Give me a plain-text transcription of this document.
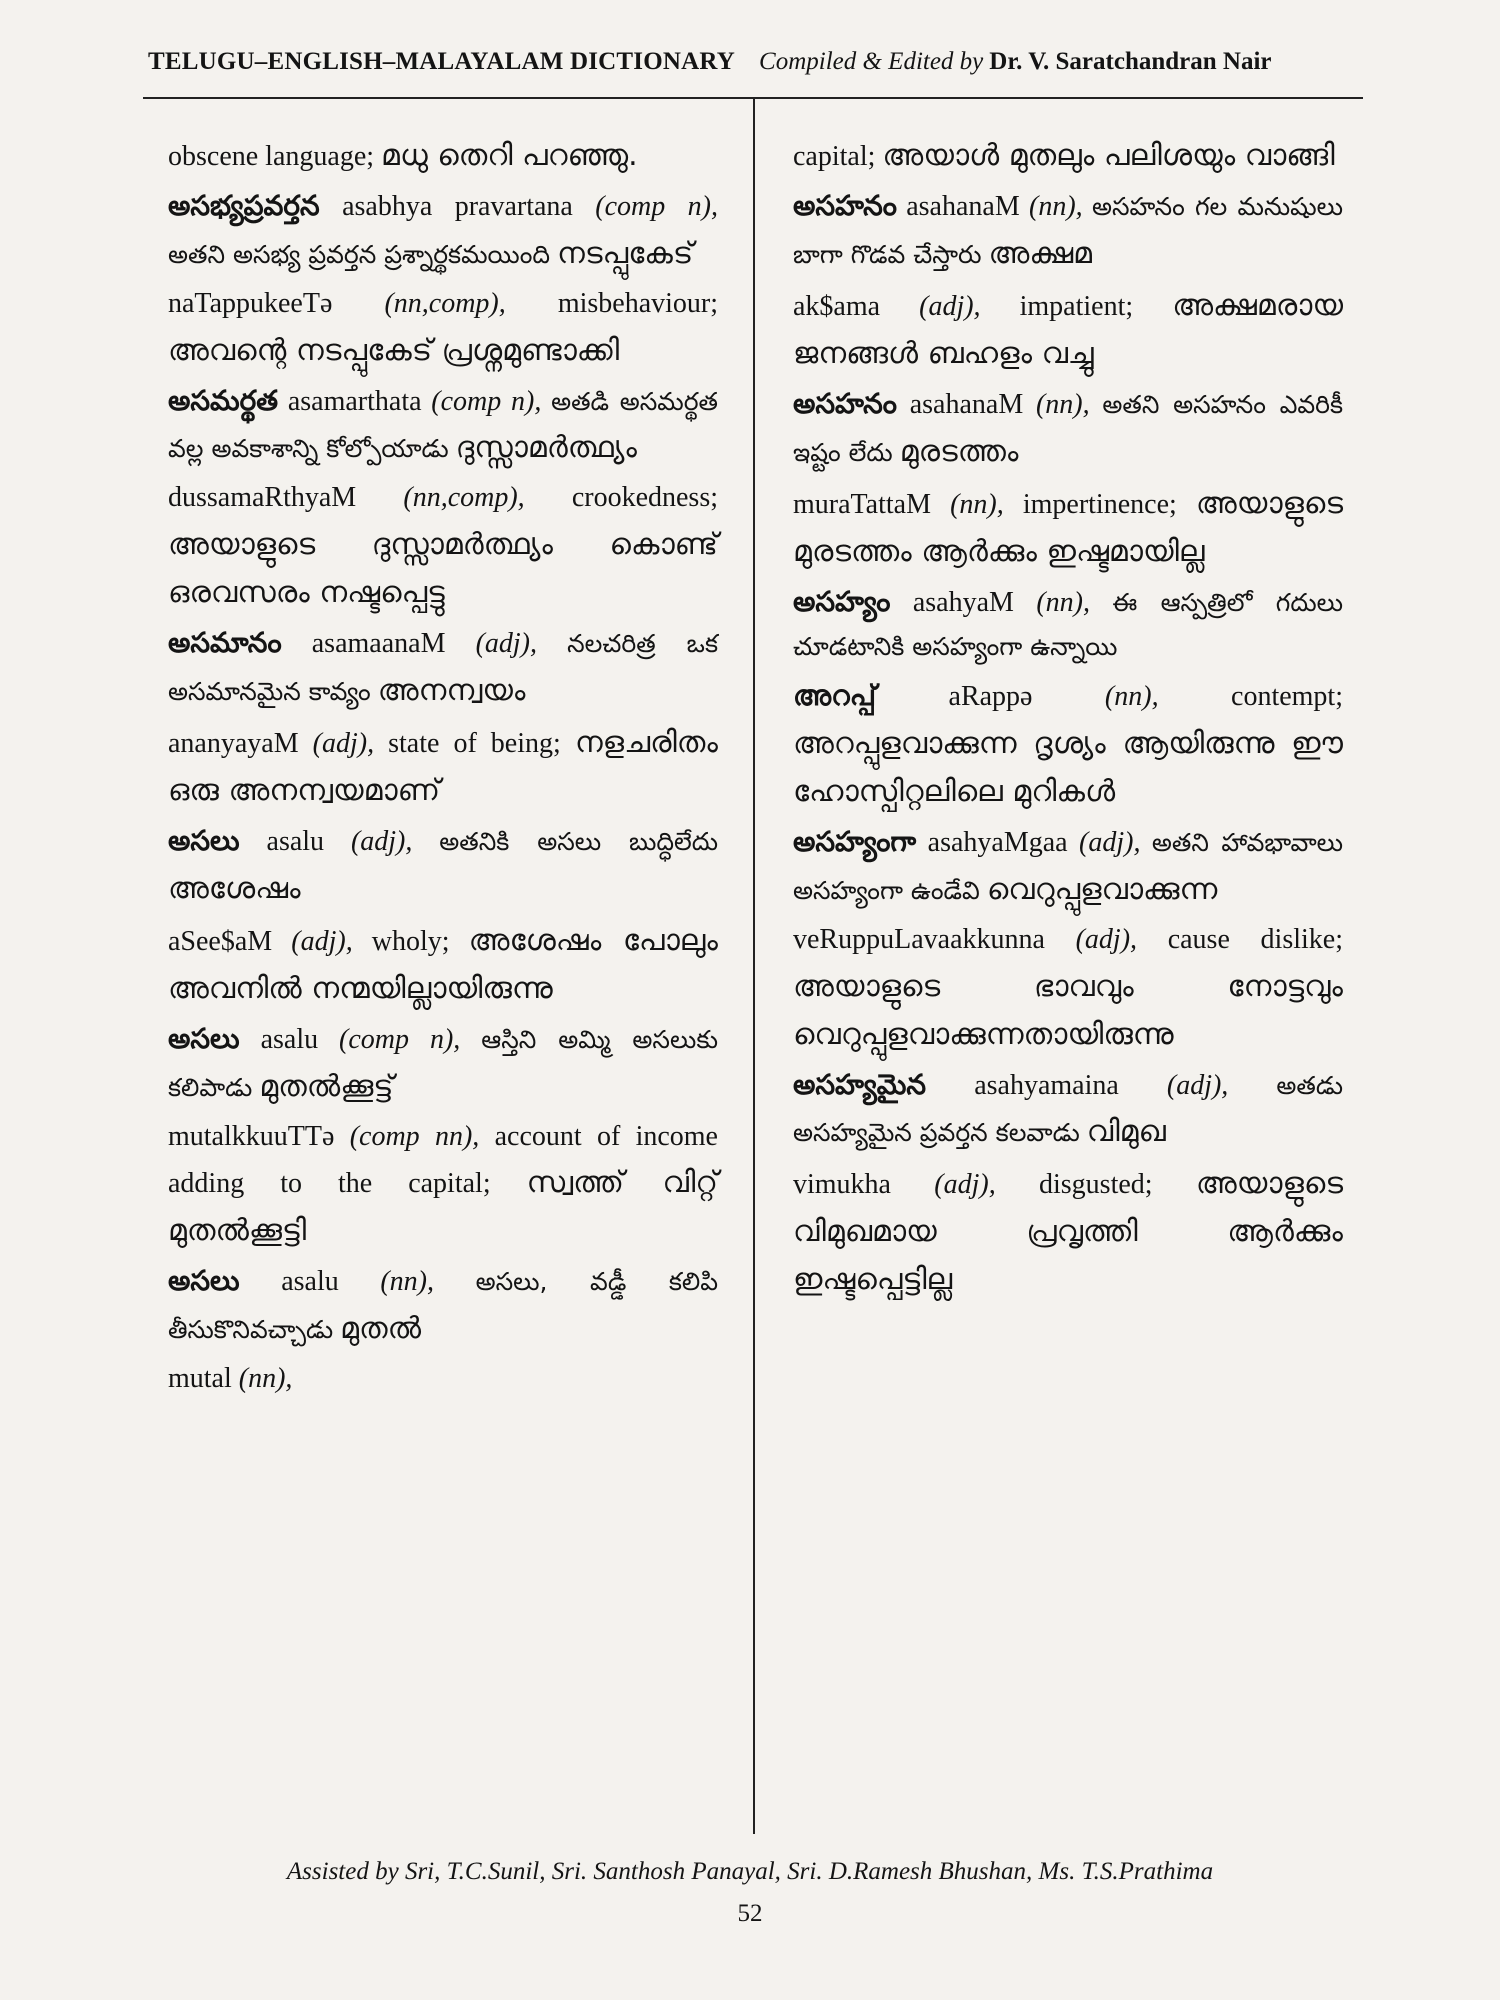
TELUGU–ENGLISH–MALAYALAM DICTIONARY Compiled & Edited by Dr. V. Saratchandran Nair

obscene language; മധു തെറി പറഞ്ഞു.

అసభ్యప్రవర్తన asabhya pravartana (comp n), అతని అసభ్య ప్రవర్తన ప్రశ్నార్థకమయింది നടപ്പുകേട്

naTappukeeTə (nn,comp), misbehaviour; അവന്റെ നടപ്പുകേട് പ്രശ്നമുണ്ടാക്കി

అసమర్థత asamarthata (comp n), అతడి అసమర్థత వల్ల అవకాశాన్ని కోల్పోయాడు ദുസ്സാമർത്ഥ്യം

dussamaRthyaM (nn,comp), crookedness; അയാളുടെ ദുസ്സാമർത്ഥ്യം കൊണ്ട് ഒരവസരം നഷ്ടപ്പെട്ടു

అసమానం asamaanaM (adj), నలచరిత్ర ఒక అసమానమైన కావ్యం അനന്വയം

ananyayaM (adj), state of being; നളചരിതം ഒരു അനന്വയമാണ്

అసలు asalu (adj), అతనికి అసలు బుద్ధిలేదు അശേഷം

aSee$aM (adj), wholy; അശേഷം പോലും അവനിൽ നന്മയില്ലായിരുന്നു

అసలు asalu (comp n), ఆస్తిని అమ్మి అసలుకు కలిపాడు മുതൽക്കൂട്ട്

mutalkkuuTTə (comp nn), account of income adding to the capital; സ്വത്ത് വിറ്റ് മുതൽക്കൂട്ടി

అసలు asalu (nn), అసలు, వడ్డీ కలిపి తీసుకొనివచ్చాడు മുതൽ

mutal (nn),

capital; അയാൾ മുതലും പലിശയും വാങ്ങി

అసహనం asahanaM (nn), అసహనం గల మనుషులు బాగా గొడవ చేస్తారు അക്ഷമ

ak$ama (adj), impatient; അക്ഷമരായ ജനങ്ങൾ ബഹളം വച്ചു

అసహనం asahanaM (nn), అతని అసహనం ఎవరికీ ఇష్టం లేదు മുരടത്തം

muraTattaM (nn), impertinence; അയാളുടെ മുരടത്തം ആർക്കും ഇഷ്ടമായില്ല

అసహ్యం asahyaM (nn), ఈ ఆస్పత్రిలో గదులు చూడటానికి అసహ్యంగా ఉన్నాయి

അറപ്പ്	aRappə	(nn),	contempt; അറപ്പുളവാക്കുന്ന ദൃശ്യം ആയിരുന്നു ഈ ഹോസ്പിറ്റലിലെ മുറികൾ

అసహ్యంగా asahyaMgaa (adj), అతని హావభావాలు అసహ్యంగా ఉండేవి വെറുപ്പുളവാക്കുന്ന

veRuppuLavaakkunna (adj), cause dislike; അയാളുടെ ഭാവവും നോട്ടവും വെറുപ്പുളവാക്കുന്നതായിരുന്നു

అసహ్యమైన asahyamaina (adj), అతడు అసహ్యమైన ప్రవర్తన కలవాడు വിമുഖ

vimukha (adj), disgusted; അയാളുടെ വിമുഖമായ പ്രവൃത്തി ആർക്കും ഇഷ്ടപ്പെട്ടില്ല

Assisted by Sri, T.C.Sunil, Sri. Santhosh Panayal, Sri. D.Ramesh Bhushan, Ms. T.S.Prathima
52
